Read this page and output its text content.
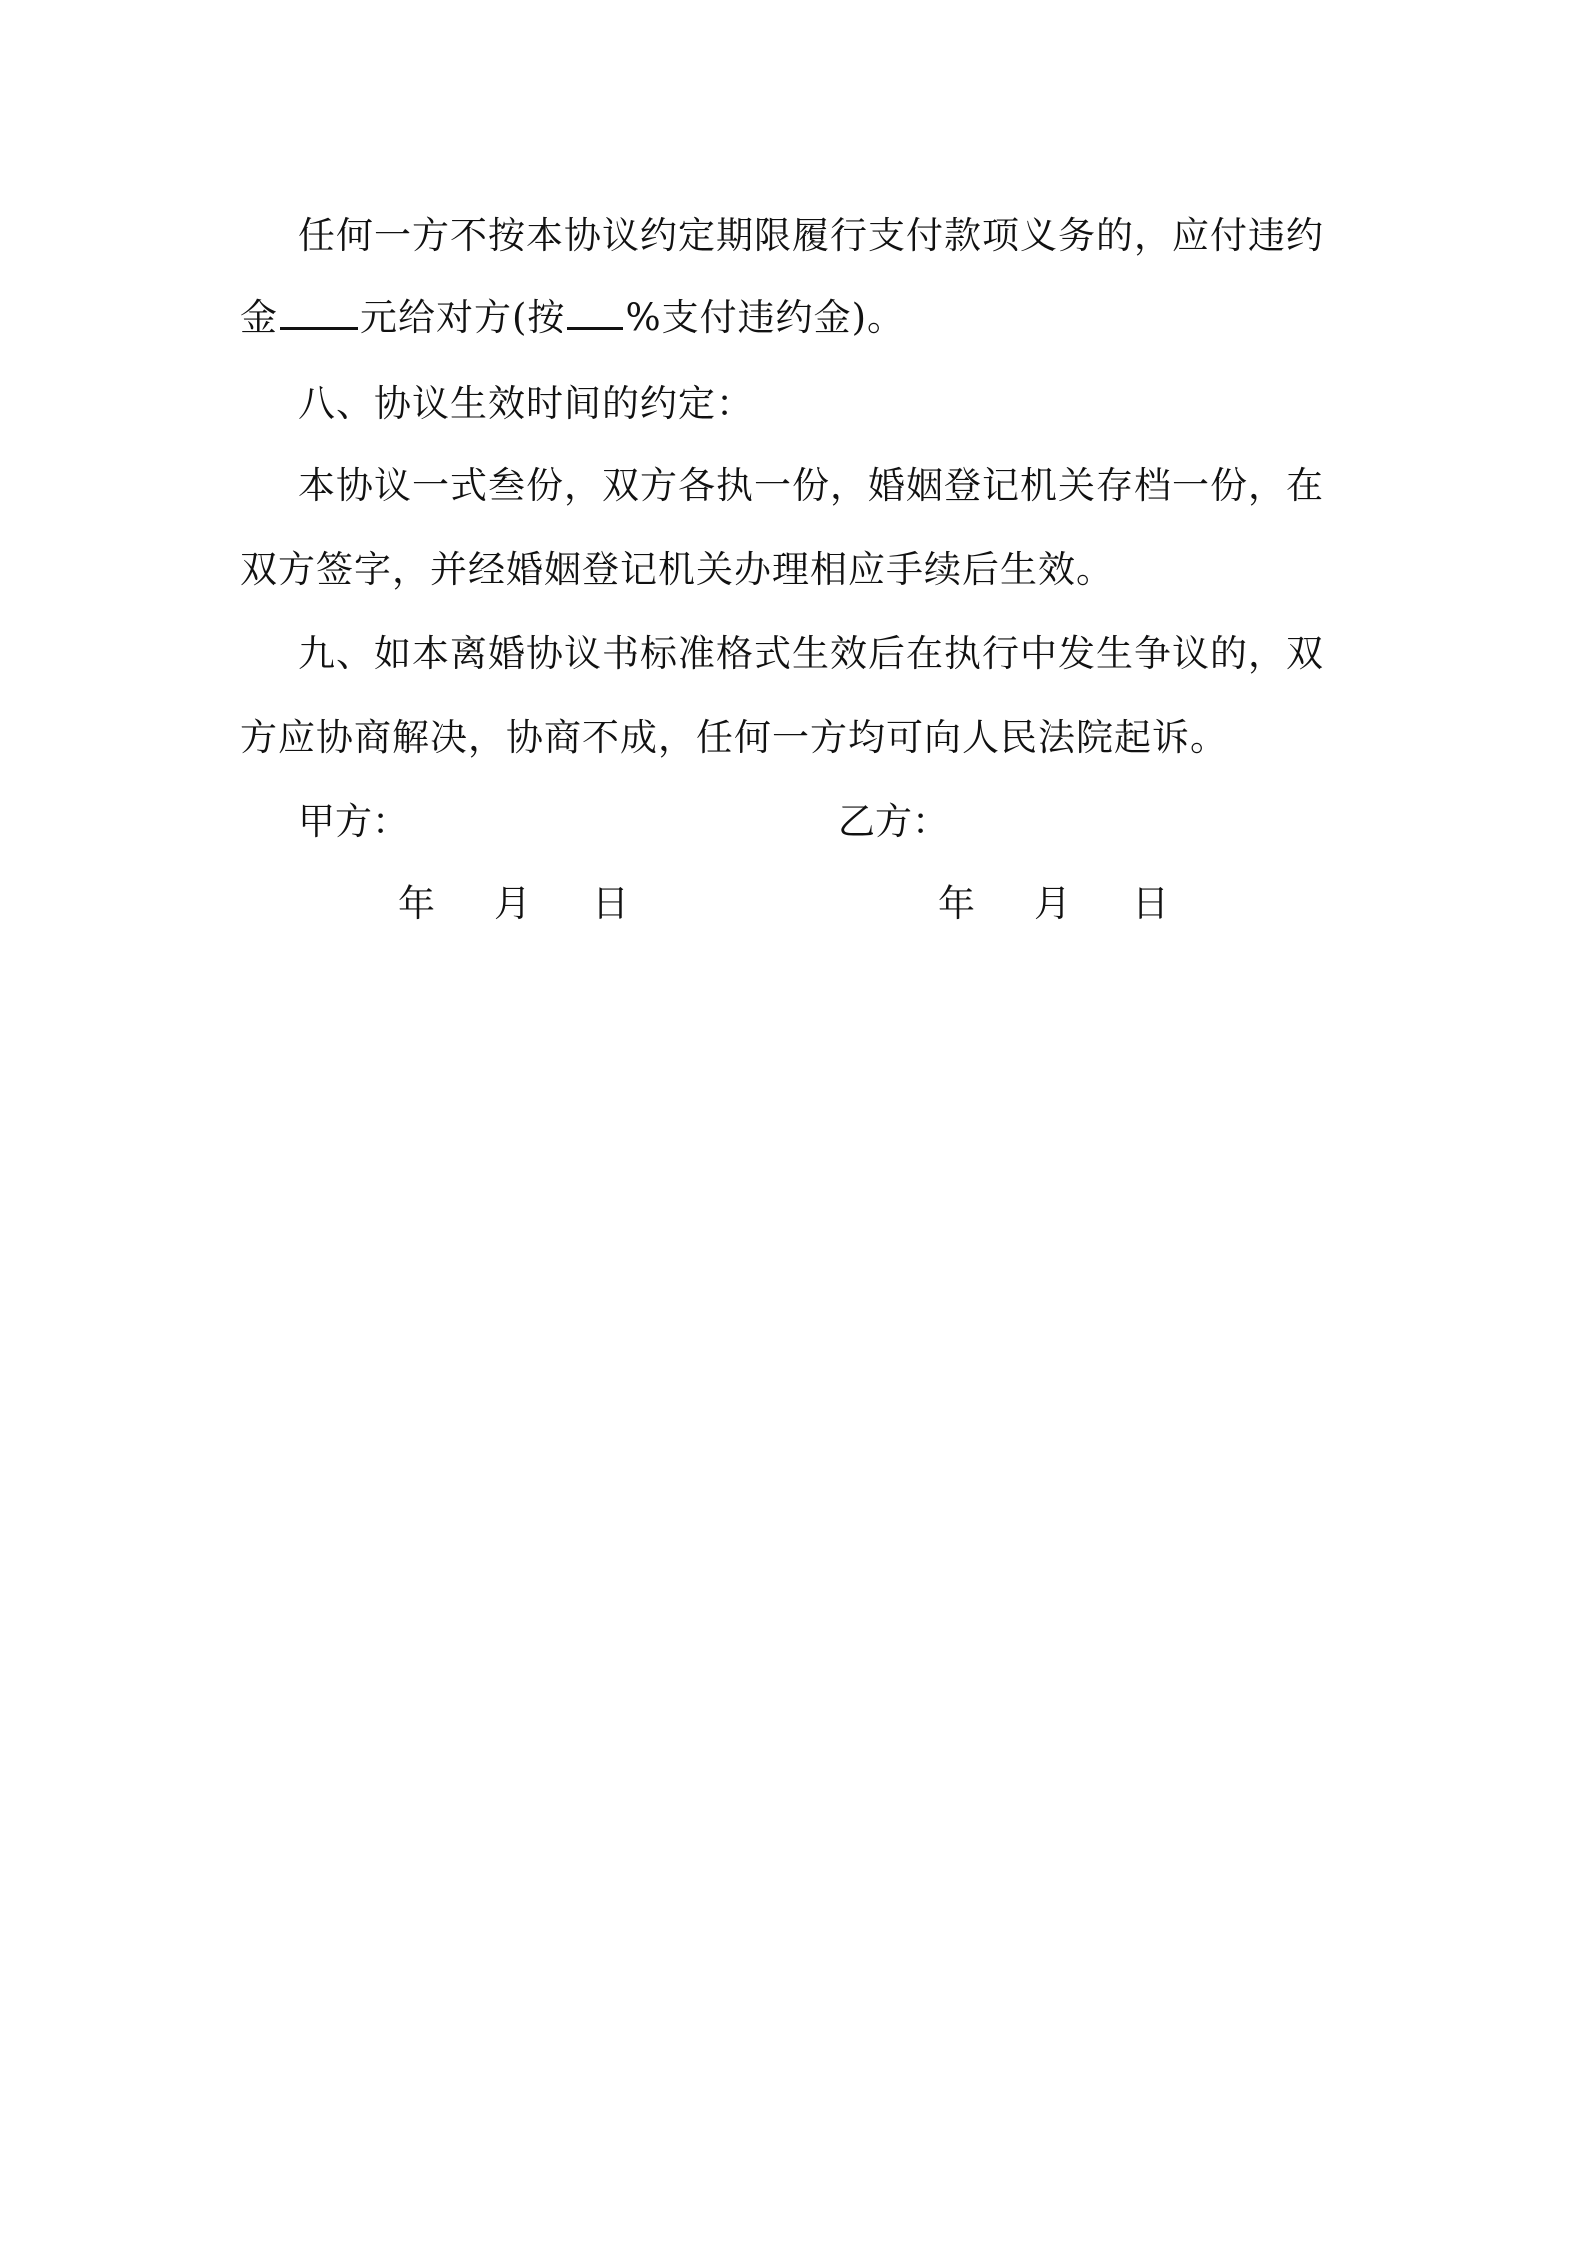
任何一方不按本协议约定期限履行支付款项义务的，应付违约
金 元给对方(按 %支付违约金)。
八、协议生效时间的约定：
本协议一式叁份，双方各执一份，婚姻登记机关存档一份，在
双方签字，并经婚姻登记机关办理相应手续后生效。
九、如本离婚协议书标准格式生效后在执行中发生争议的，双
方应协商解决，协商不成，任何一方均可向人民法院起诉。
甲方：	乙方：
年 月 日	年 月 日
